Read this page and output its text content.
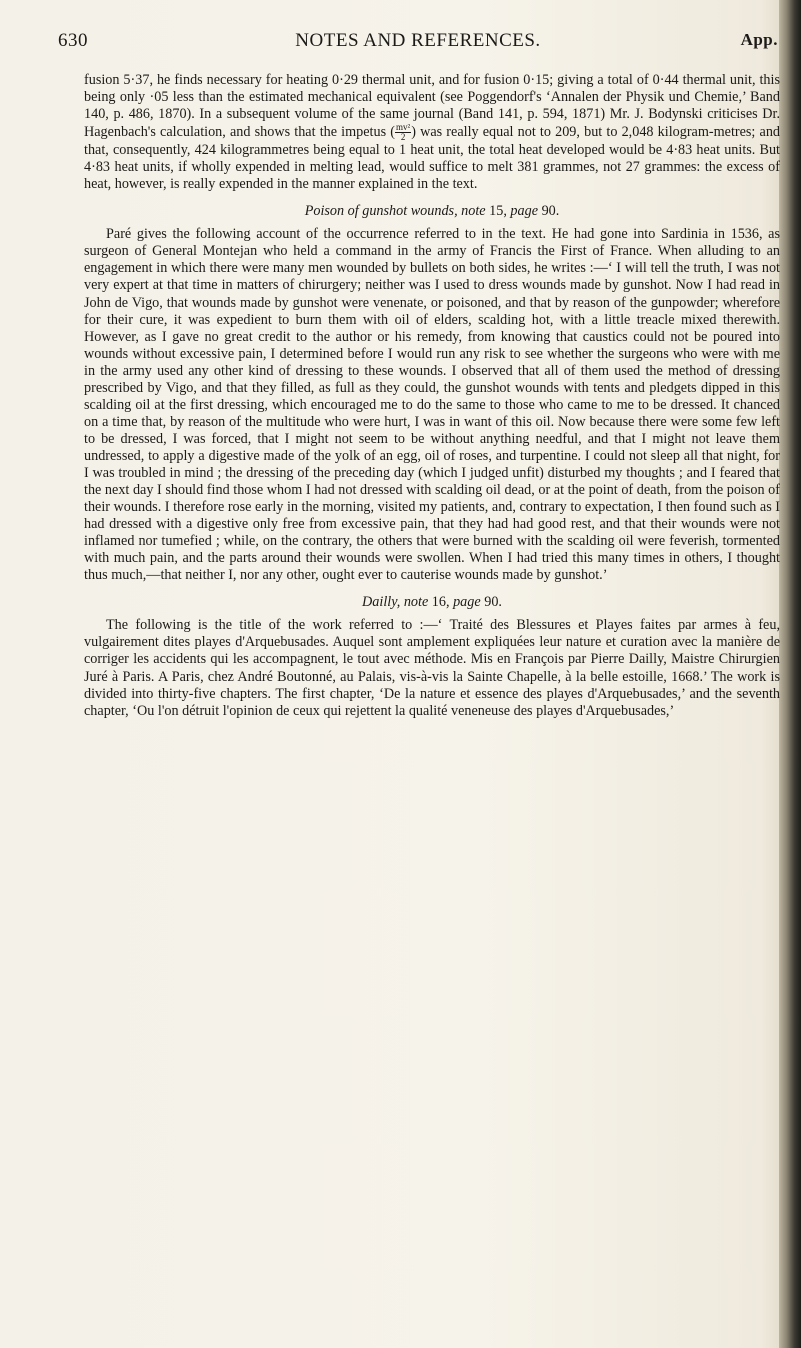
630	NOTES AND REFERENCES.	App.

fusion 5·37, he finds necessary for heating 0·29 thermal unit, and for fusion 0·15; giving a total of 0·44 thermal unit, this being only ·05 less than the estimated mechanical equivalent (see Poggendorf's ‘Annalen der Physik und Chemie,’ Band 140, p. 486, 1870). In a subsequent volume of the same journal (Band 141, p. 594, 1871) Mr. J. Bodynski criticises Dr. Hagenbach's calculation, and shows that the impetus ( $\frac{\text{mv²}}{2}$ ) was really equal not to 209, but to 2,048 kilogram-metres; and that, consequently, 424 kilogrammetres being equal to 1 heat unit, the total heat developed would be 4·83 heat units. But 4·83 heat units, if wholly expended in melting lead, would suffice to melt 381 grammes, not 27 grammes: the excess of heat, however, is really expended in the manner explained in the text.

Poison of gunshot wounds, note 15, page 90.

Paré gives the following account of the occurrence referred to in the text. He had gone into Sardinia in 1536, as surgeon of General Montejan who held a command in the army of Francis the First of France. When alluding to an engagement in which there were many men wounded by bullets on both sides, he writes :—‘ I will tell the truth, I was not very expert at that time in matters of chirurgery; neither was I used to dress wounds made by gunshot. Now I had read in John de Vigo, that wounds made by gunshot were venenate, or poisoned, and that by reason of the gunpowder; wherefore for their cure, it was expedient to burn them with oil of elders, scalding hot, with a little treacle mixed therewith. However, as I gave no great credit to the author or his remedy, from knowing that caustics could not be poured into wounds without excessive pain, I determined before I would run any risk to see whether the surgeons who were with me in the army used any other kind of dressing to these wounds. I observed that all of them used the method of dressing prescribed by Vigo, and that they filled, as full as they could, the gunshot wounds with tents and pledgets dipped in this scalding oil at the first dressing, which encouraged me to do the same to those who came to me to be dressed. It chanced on a time that, by reason of the multitude who were hurt, I was in want of this oil. Now because there were some few left to be dressed, I was forced, that I might not seem to be without anything needful, and that I might not leave them undressed, to apply a digestive made of the yolk of an egg, oil of roses, and turpentine. I could not sleep all that night, for I was troubled in mind ; the dressing of the preceding day (which I judged unfit) disturbed my thoughts ; and I feared that the next day I should find those whom I had not dressed with scalding oil dead, or at the point of death, from the poison of their wounds. I therefore rose early in the morning, visited my patients, and, contrary to expectation, I then found such as I had dressed with a digestive only free from excessive pain, that they had had good rest, and that their wounds were not inflamed nor tumefied ; while, on the contrary, the others that were burned with the scalding oil were feverish, tormented with much pain, and the parts around their wounds were swollen. When I had tried this many times in others, I thought thus much,—that neither I, nor any other, ought ever to cauterise wounds made by gunshot.’

Dailly, note 16, page 90.

The following is the title of the work referred to :—‘ Traité des Blessures et Playes faites par armes à feu, vulgairement dites playes d'Arquebusades. Auquel sont amplement expliquées leur nature et curation avec la manière de corriger les accidents qui les accompagnent, le tout avec méthode. Mis en François par Pierre Dailly, Maistre Chirurgien Juré à Paris. A Paris, chez André Boutonné, au Palais, vis-à-vis la Sainte Chapelle, à la belle estoille, 1668.’ The work is divided into thirty-five chapters. The first chapter, ‘De la nature et essence des playes d'Arquebusades,’ and the seventh chapter, ‘Ou l'on détruit l'opinion de ceux qui rejettent la qualité veneneuse des playes d'Arquebusades,’
